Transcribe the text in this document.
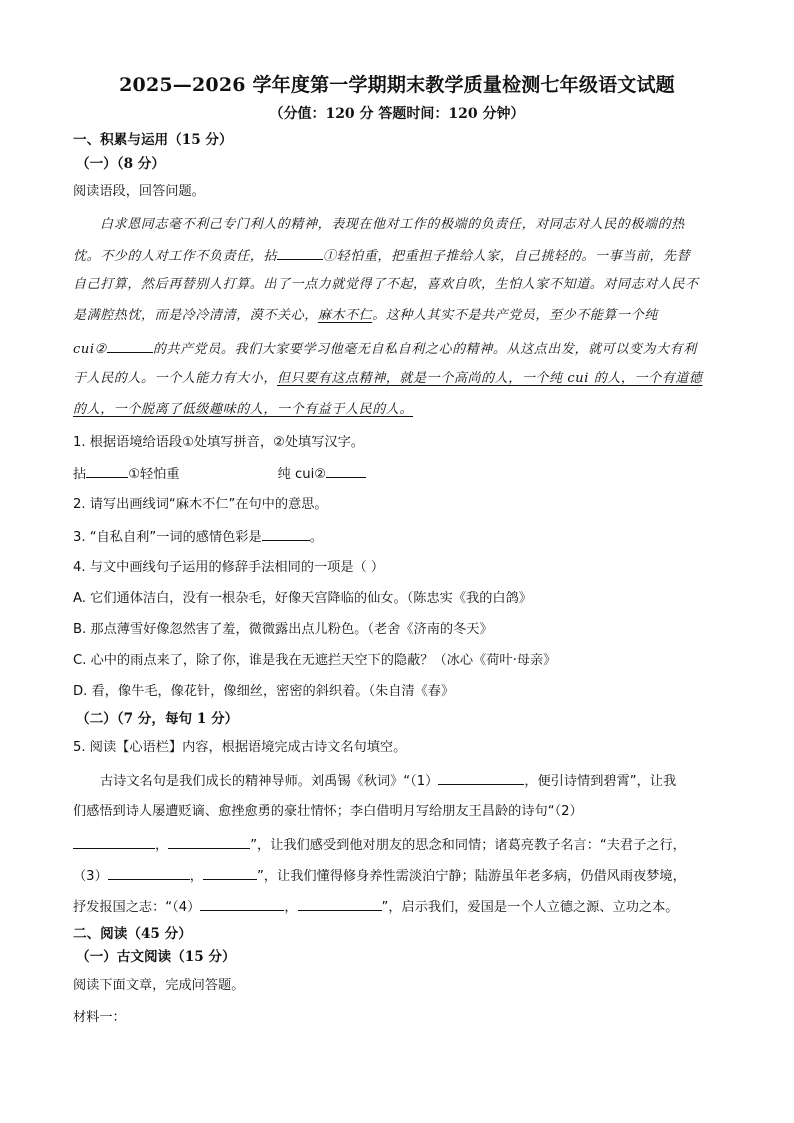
2025—2026 学年度第一学期期末教学质量检测七年级语文试题
（分值：120 分 答题时间：120 分钟）
一、积累与运用（15 分）
（一）（8 分）
阅读语段，回答问题。
白求恩同志毫不利己专门利人的精神，表现在他对工作的极端的负责任，对同志对人民的极端的热
忱。不少的人对工作不负责任，拈	①轻怕重，把重担子推给人家，自己挑轻的。一事当前，先替
自己打算，然后再替别人打算。出了一点力就觉得了不起，喜欢自吹，生怕人家不知道。对同志对人民不
是满腔热忱，而是冷冷清清，漠不关心，麻木不仁。这种人其实不是共产党员，至少不能算一个纯
cui②	的共产党员。我们大家要学习他毫无自私自利之心的精神。从这点出发，就可以变为大有利
于人民的人。一个人能力有大小，但只要有这点精神，就是一个高尚的人，一个纯 cui 的人，一个有道德
的人，一个脱离了低级趣味的人，一个有益于人民的人。
1. 根据语境给语段①处填写拼音，②处填写汉字。
拈	①轻怕重	纯 cui②
2. 请写出画线词“麻木不仁”在句中的意思。
3. “自私自利”一词的感情色彩是	。
4. 与文中画线句子运用的修辞手法相同的一项是（ ）
A. 它们通体洁白，没有一根杂毛，好像天宫降临的仙女。（陈忠实《我的白鸽》
B. 那点薄雪好像忽然害了羞，微微露出点儿粉色。（老舍《济南的冬天》
C. 心中的雨点来了，除了你，谁是我在无遮拦天空下的隐蔽？（冰心《荷叶·母亲》
D. 看，像牛毛，像花针，像细丝，密密的斜织着。（朱自清《春》
（二）（7 分，每句 1 分）
5. 阅读【心语栏】内容，根据语境完成古诗文名句填空。
古诗文名句是我们成长的精神导师。刘禹锡《秋词》“（1）	，便引诗情到碧霄”，让我
们感悟到诗人屡遭贬谪、愈挫愈勇的豪壮情怀；李白借明月写给朋友王昌龄的诗句“（2）
，	”，让我们感受到他对朋友的思念和同情；诸葛亮教子名言：“夫君子之行，
（3）	，	”，让我们懂得修身养性需淡泊宁静；陆游虽年老多病，仍借风雨夜梦境，
抒发报国之志：“（4）	，	”，启示我们，爱国是一个人立德之源、立功之本。
二、阅读（45 分）
（一）古文阅读（15 分）
阅读下面文章，完成问答题。
材料一：
